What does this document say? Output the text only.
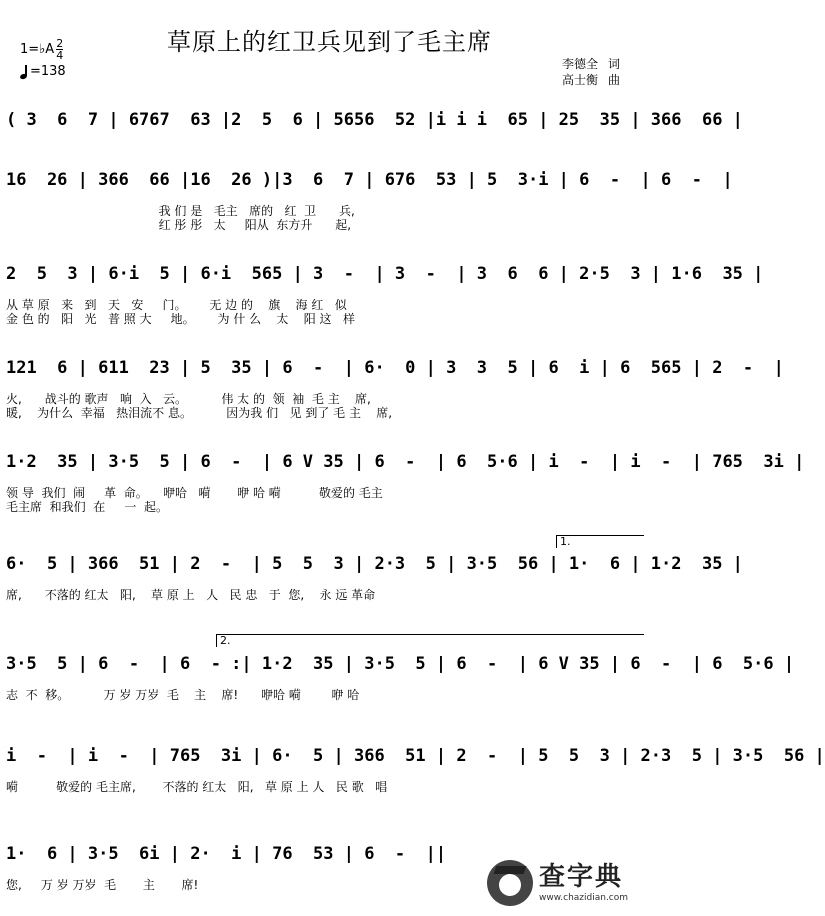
草原上的红卫兵见到了毛主席
李德全 词
高士衡 曲
1=♭A $\frac{2}{4}$
=138
1.
2.
( 3  6  7 | 6767  63 |2  5  6 | 5656  52 |i i i  65 | 25  35 | 366  66 |
16  26 | 366  66 |16  26 )|3  6  7 | 676  53 | 5  3·i | 6  -  | 6  -  |
我 们 是   毛主   席的   红  卫      兵,
红 彤 彤   太     阳从  东方升      起,
2  5  3 | 6·i  5 | 6·i  565 | 3  -  | 3  -  | 3  6  6 | 2·5  3 | 1·6  35 |
从 草 原   来   到   天   安     门。      无 边 的    旗    海 红   似
金 色 的   阳   光   普 照 大     地。      为 什 么    太    阳 这   样
121  6 | 611  23 | 5  35 | 6  -  | 6·  0 | 3  3  5 | 6  i | 6  565 | 2  -  |
火,      战斗的 歌声   响  入   云。         伟 太 的  领  袖  毛 主    席,
暖,    为什么  幸福   热泪流不 息。         因为我 们   见 到了 毛 主    席,
1·2  35 | 3·5  5 | 6  -  | 6 V 35 | 6  -  | 6  5·6 | i  -  | i  -  | 765  3i |
领 导  我们  闹     革  命。    咿哈   嗬       咿 哈 嗬          敬爱的 毛主
毛主席  和我们  在     一  起。
6·  5 | 366  51 | 2  -  | 5  5  3 | 2·3  5 | 3·5  56 | 1·  6 | 1·2  35 |
席,      不落的 红太   阳,    草 原 上   人   民 忠   于  您,    永 远 革命
3·5  5 | 6  -  | 6  - :| 1·2  35 | 3·5  5 | 6  -  | 6 V 35 | 6  -  | 6  5·6 |
志  不  移。         万 岁 万岁  毛    主    席!      咿哈 嗬        咿 哈
i  -  | i  -  | 765  3i | 6·  5 | 366  51 | 2  -  | 5  5  3 | 2·3  5 | 3·5  56 |
嗬          敬爱的 毛主席,       不落的 红太   阳,   草 原 上 人   民 歌   唱
1·  6 | 3·5  6i | 2·  i | 76  53 | 6  -  ||
您,     万 岁 万岁  毛       主       席!	查字典
www.chazidian.com
